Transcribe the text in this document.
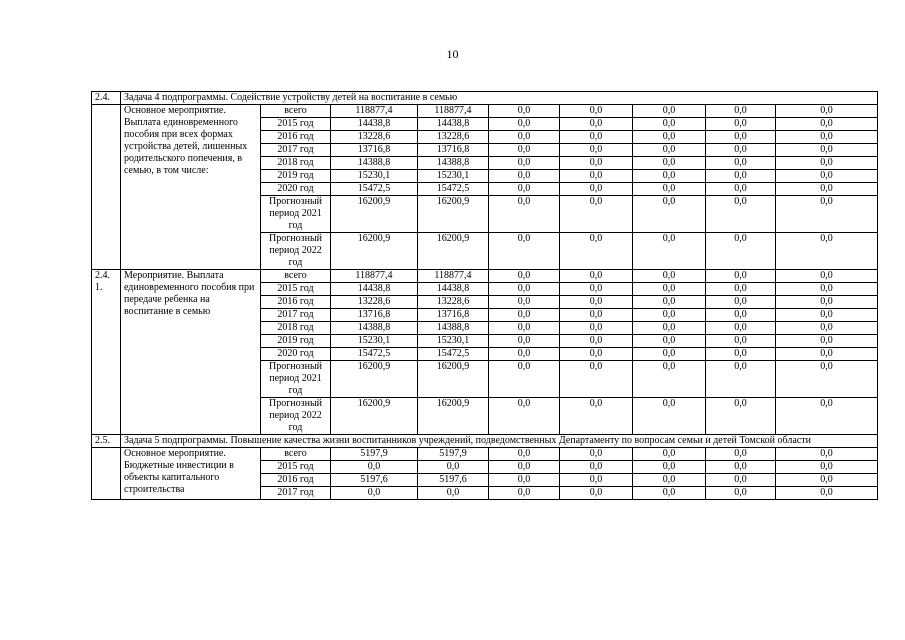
10
2.4.	Задача 4 подпрограммы. Содействие устройству детей на воспитание в семью								
	Основное мероприятие. Выплата единовременного пособия при всех формах устройства детей, лишенных родительского попечения, в семью, в том числе:	всего	118877,4	118877,4	0,0	0,0	0,0	0,0	0,0
		2015 год	14438,8	14438,8	0,0	0,0	0,0	0,0	0,0
		2016 год	13228,6	13228,6	0,0	0,0	0,0	0,0	0,0
		2017 год	13716,8	13716,8	0,0	0,0	0,0	0,0	0,0
		2018 год	14388,8	14388,8	0,0	0,0	0,0	0,0	0,0
		2019 год	15230,1	15230,1	0,0	0,0	0,0	0,0	0,0
		2020 год	15472,5	15472,5	0,0	0,0	0,0	0,0	0,0
		Прогнозный период 2021 год	16200,9	16200,9	0,0	0,0	0,0	0,0	0,0
		Прогнозный период 2022 год	16200,9	16200,9	0,0	0,0	0,0	0,0	0,0
2.4. 1.	Мероприятие. Выплата единовременного пособия при передаче ребенка на воспитание в семью	всего	118877,4	118877,4	0,0	0,0	0,0	0,0	0,0
		2015 год	14438,8	14438,8	0,0	0,0	0,0	0,0	0,0
		2016 год	13228,6	13228,6	0,0	0,0	0,0	0,0	0,0
		2017 год	13716,8	13716,8	0,0	0,0	0,0	0,0	0,0
		2018 год	14388,8	14388,8	0,0	0,0	0,0	0,0	0,0
		2019 год	15230,1	15230,1	0,0	0,0	0,0	0,0	0,0
		2020 год	15472,5	15472,5	0,0	0,0	0,0	0,0	0,0
		Прогнозный период 2021 год	16200,9	16200,9	0,0	0,0	0,0	0,0	0,0
		Прогнозный период 2022 год	16200,9	16200,9	0,0	0,0	0,0	0,0	0,0
2.5.	Задача 5 подпрограммы. Повышение качества жизни воспитанников учреждений, подведомственных Департаменту по вопросам семьи и детей Томской области								
	Основное мероприятие. Бюджетные инвестиции в объекты капитального строительства	всего	5197,9	5197,9	0,0	0,0	0,0	0,0	0,0
		2015 год	0,0	0,0	0,0	0,0	0,0	0,0	0,0
		2016 год	5197,6	5197,6	0,0	0,0	0,0	0,0	0,0
		2017 год	0,0	0,0	0,0	0,0	0,0	0,0	0,0
